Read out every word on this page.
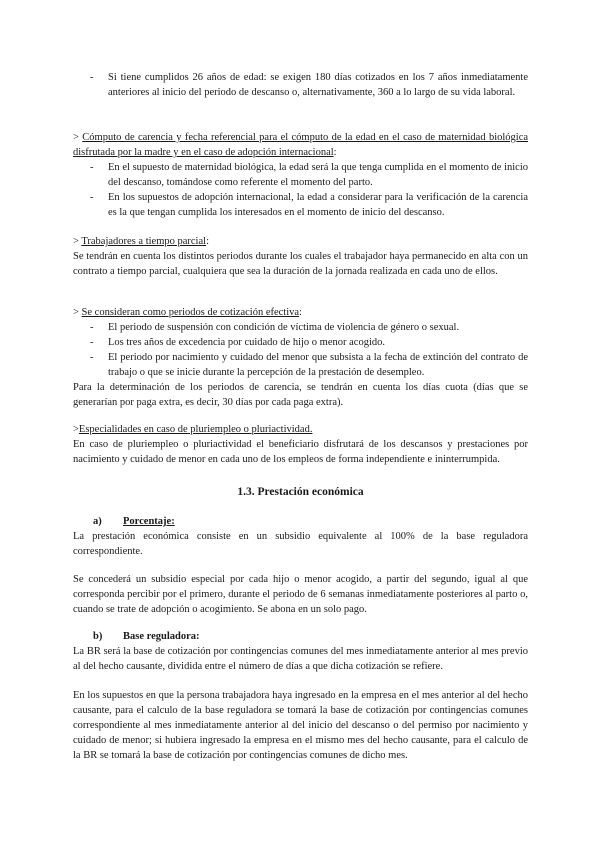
- Si tiene cumplidos 26 años de edad: se exigen 180 días cotizados en los 7 años inmediatamente anteriores al inicio del periodo de descanso o, alternativamente, 360 a lo largo de su vida laboral.

> Cómputo de carencia y fecha referencial para el cómputo de la edad en el caso de maternidad biológica disfrutada por la madre y en el caso de adopción internacional:

- En el supuesto de maternidad biológica, la edad será la que tenga cumplida en el momento de inicio del descanso, tomándose como referente el momento del parto.
- En los supuestos de adopción internacional, la edad a considerar para la verificación de la carencia es la que tengan cumplida los interesados en el momento de inicio del descanso.

> Trabajadores a tiempo parcial:

Se tendrán en cuenta los distintos periodos durante los cuales el trabajador haya permanecido en alta con un contrato a tiempo parcial, cualquiera que sea la duración de la jornada realizada en cada uno de ellos.

> Se consideran como periodos de cotización efectiva:

- El periodo de suspensión con condición de víctima de violencia de género o sexual.
- Los tres años de excedencia por cuidado de hijo o menor acogido.
- El periodo por nacimiento y cuidado del menor que subsista a la fecha de extinción del contrato de trabajo o que se inicie durante la percepción de la prestación de desempleo.

Para la determinación de los periodos de carencia, se tendrán en cuenta los días cuota (días que se generarían por paga extra, es decir, 30 días por cada paga extra).

>Especialidades en caso de pluriempleo o pluriactividad.

En caso de pluriempleo o pluriactividad el beneficiario disfrutará de los descansos y prestaciones por nacimiento y cuidado de menor en cada uno de los empleos de forma independiente e ininterrumpida.

1.3. Prestación económica
a) Porcentaje:

La prestación económica consiste en un subsidio equivalente al 100% de la base reguladora correspondiente.

Se concederá un subsidio especial por cada hijo o menor acogido, a partir del segundo, igual al que corresponda percibir por el primero, durante el periodo de 6 semanas inmediatamente posteriores al parto o, cuando se trate de adopción o acogimiento. Se abona en un solo pago.

b) Base reguladora:

La BR será la base de cotización por contingencias comunes del mes inmediatamente anterior al mes previo al del hecho causante, dividida entre el número de días a que dicha cotización se refiere.

En los supuestos en que la persona trabajadora haya ingresado en la empresa en el mes anterior al del hecho causante, para el calculo de la base reguladora se tomará la base de cotización por contingencias comunes correspondiente al mes inmediatamente anterior al del inicio del descanso o del permiso por nacimiento y cuidado de menor; si hubiera ingresado la empresa en el mismo mes del hecho causante, para el calculo de la BR se tomará la base de cotización por contingencias comunes de dicho mes.
